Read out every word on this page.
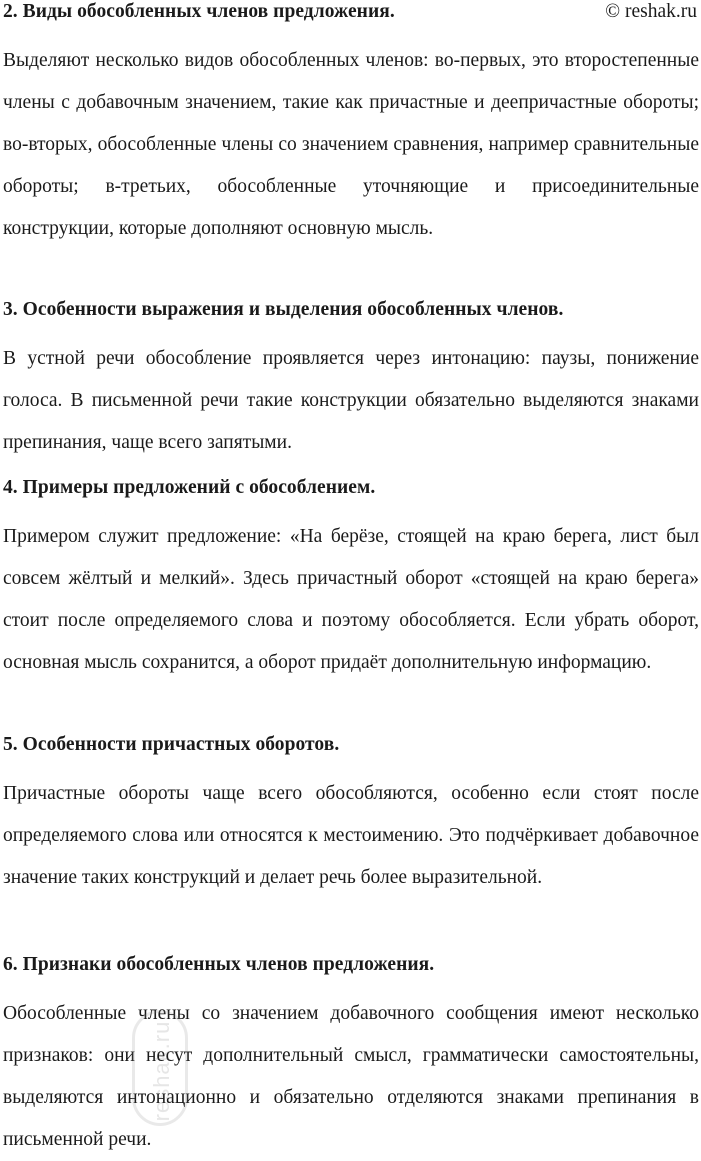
2. Виды обособленных членов предложения.	© reshak.ru

Выделяют несколько видов обособленных членов: во-первых, это второстепенные члены с добавочным значением, такие как причастные и деепричастные обороты; во-вторых, обособленные члены со значением сравнения, например сравнительные обороты; в-третьих, обособленные уточняющие и присоединительные конструкции, которые дополняют основную мысль.

3. Особенности выражения и выделения обособленных членов.

В устной речи обособление проявляется через интонацию: паузы, понижение голоса. В письменной речи такие конструкции обязательно выделяются знаками препинания, чаще всего запятыми.

4. Примеры предложений с обособлением.

Примером служит предложение: «На берёзе, стоящей на краю берега, лист был совсем жёлтый и мелкий». Здесь причастный оборот «стоящей на краю берега» стоит после определяемого слова и поэтому обособляется. Если убрать оборот, основная мысль сохранится, а оборот придаёт дополнительную информацию.

5. Особенности причастных оборотов.

Причастные обороты чаще всего обособляются, особенно если стоят после определяемого слова или относятся к местоимению. Это подчёркивает добавочное значение таких конструкций и делает речь более выразительной.

6. Признаки обособленных членов предложения.

Обособленные члены со значением добавочного сообщения имеют несколько признаков: они несут дополнительный смысл, грамматически самостоятельны, выделяются интонационно и обязательно отделяются знаками препинания в письменной речи.

reshak.ru
